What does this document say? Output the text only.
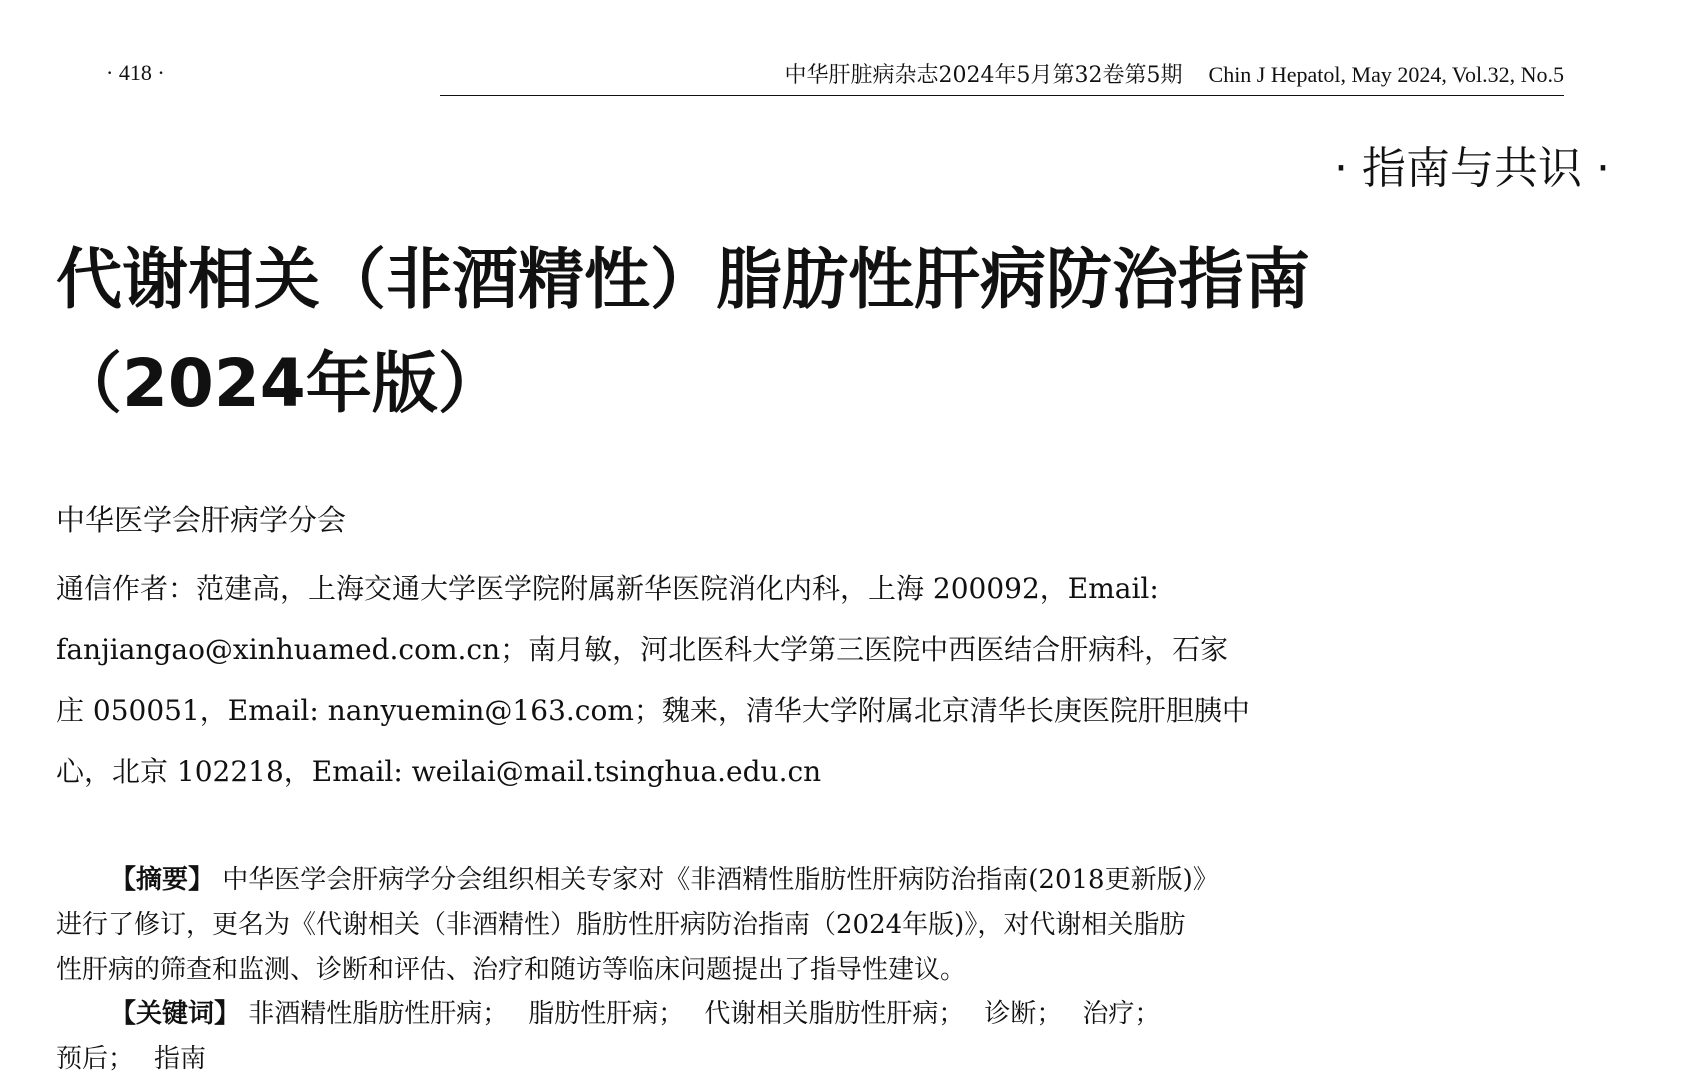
· 418 ·	中华肝脏病杂志2024年5月第32卷第5期 Chin J Hepatol, May 2024, Vol.32, No.5
· 指南与共识 ·
代谢相关（非酒精性）脂肪性肝病防治指南
（2024年版）
中华医学会肝病学分会
通信作者：范建高，上海交通大学医学院附属新华医院消化内科，上海 200092，Email:
fanjiangao@xinhuamed.com.cn；南月敏，河北医科大学第三医院中西医结合肝病科，石家
庄 050051，Email: nanyuemin@163.com；魏来，清华大学附属北京清华长庚医院肝胆胰中
心，北京 102218，Email: weilai@mail.tsinghua.edu.cn
【摘要】 中华医学会肝病学分会组织相关专家对《非酒精性脂肪性肝病防治指南(2018更新版)》
进行了修订，更名为《代谢相关（非酒精性）脂肪性肝病防治指南（2024年版)》，对代谢相关脂肪
性肝病的筛查和监测、诊断和评估、治疗和随访等临床问题提出了指导性建议。
【关键词】 非酒精性脂肪性肝病； 脂肪性肝病； 代谢相关脂肪性肝病； 诊断； 治疗；
预后； 指南
